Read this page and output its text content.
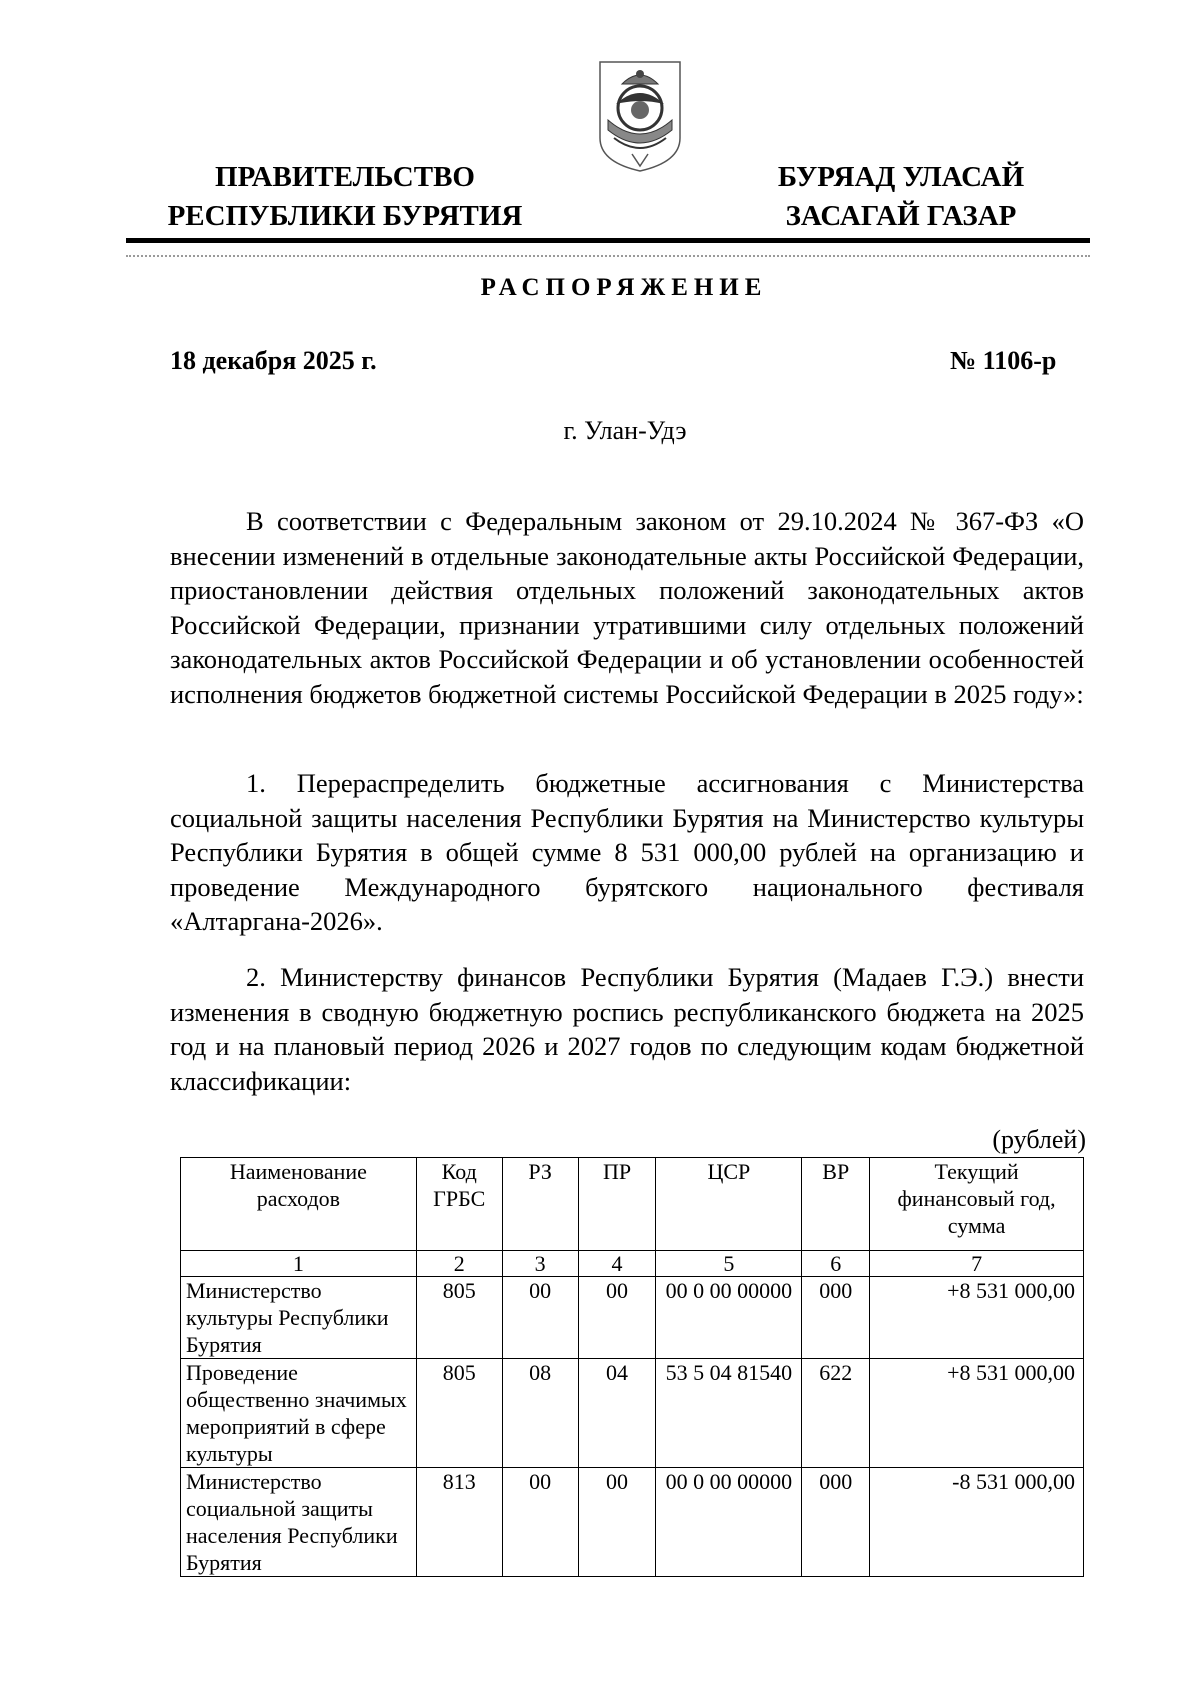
ПРАВИТЕЛЬСТВО
РЕСПУБЛИКИ БУРЯТИЯ
БУРЯАД УЛАСАЙ
ЗАСАГАЙ ГАЗАР
РАСПОРЯЖЕНИЕ
18 декабря 2025 г.	№ 1106-р
г. Улан-Удэ
В соответствии с Федеральным законом от 29.10.2024 № 367-ФЗ «О внесении изменений в отдельные законодательные акты Российской Федерации, приостановлении действия отдельных положений законодательных актов Российской Федерации, признании утратившими силу отдельных положений законодательных актов Российской Федерации и об установлении особенностей исполнения бюджетов бюджетной системы Российской Федерации в 2025 году»:
1. Перераспределить бюджетные ассигнования с Министерства социальной защиты населения Республики Бурятия на Министерство культуры Республики Бурятия в общей сумме 8 531 000,00 рублей на организацию и проведение Международного бурятского национального фестиваля «Алтаргана-2026».
2. Министерству финансов Республики Бурятия (Мадаев Г.Э.) внести изменения в сводную бюджетную роспись республиканского бюджета на 2025 год и на плановый период 2026 и 2027 годов по следующим кодам бюджетной классификации:
(рублей)
Наименование расходов	Код ГРБС	РЗ	ПР	ЦСР	ВР	Текущий финансовый год, сумма
1	2	3	4	5	6	7
Министерство культуры Республики Бурятия	805	00	00	00 0 00 00000	000	+8 531 000,00
Проведение общественно значимых мероприятий в сфере культуры	805	08	04	53 5 04 81540	622	+8 531 000,00
Министерство социальной защиты населения Республики Бурятия	813	00	00	00 0 00 00000	000	-8 531 000,00
